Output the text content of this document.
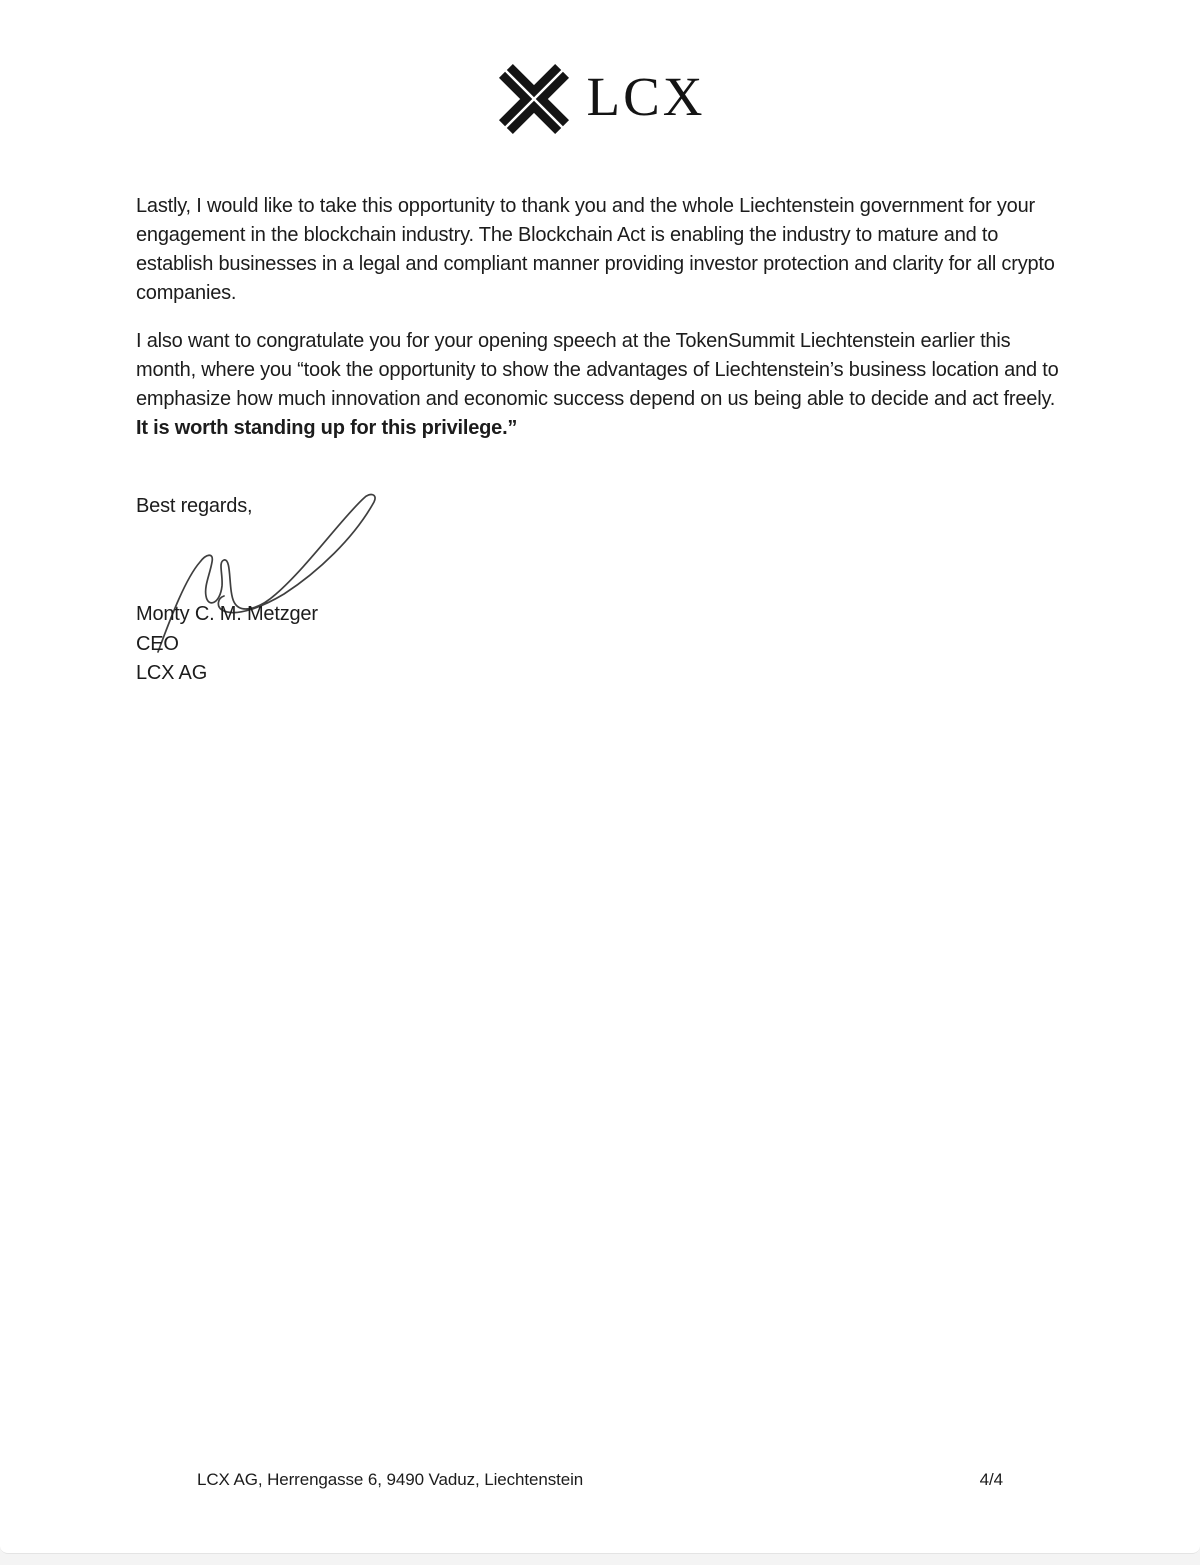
LCX

Lastly, I would like to take this opportunity to thank you and the whole Liechtenstein government for your engagement in the blockchain industry. The Blockchain Act is enabling the industry to mature and to establish businesses in a legal and compliant manner providing investor protection and clarity for all crypto companies.

I also want to congratulate you for your opening speech at the TokenSummit Liechtenstein earlier this month, where you “took the opportunity to show the advantages of Liechtenstein’s business location and to emphasize how much innovation and economic success depend on us being able to decide and act freely. It is worth standing up for this privilege.”

Best regards,
Monty C. M. Metzger
CEO
LCX AG
LCX AG, Herrengasse 6, 9490 Vaduz, Liechtenstein	4/4
